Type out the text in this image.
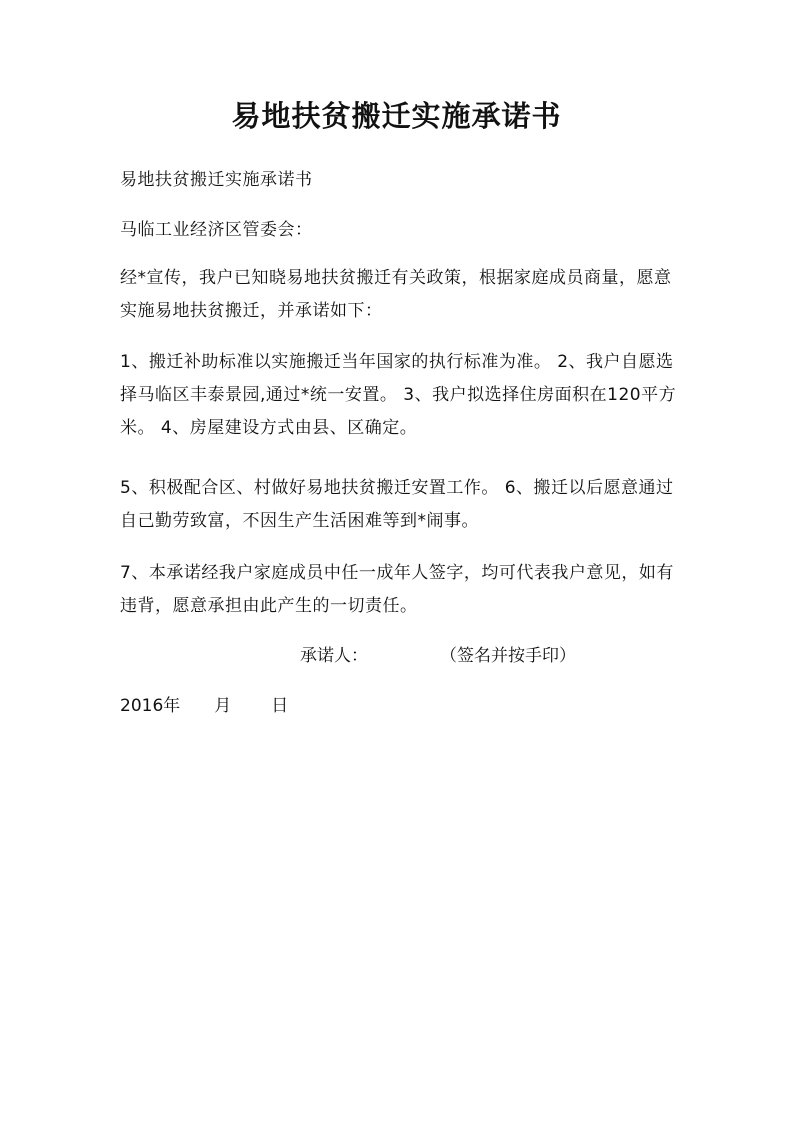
易地扶贫搬迁实施承诺书
易地扶贫搬迁实施承诺书
马临工业经济区管委会：
经*宣传，我户已知晓易地扶贫搬迁有关政策，根据家庭成员商量，愿意实施易地扶贫搬迁，并承诺如下：
1、搬迁补助标准以实施搬迁当年国家的执行标准为准。 2、我户自愿选择马临区丰泰景园,通过*统一安置。 3、我户拟选择住房面积在120平方米。 4、房屋建设方式由县、区确定。
5、积极配合区、村做好易地扶贫搬迁安置工作。 6、搬迁以后愿意通过自己勤劳致富，不因生产生活困难等到*闹事。
7、本承诺经我户家庭成员中任一成年人签字，均可代表我户意见，如有违背，愿意承担由此产生的一切责任。
承诺人：	（签名并按手印）
2016年 月 日
